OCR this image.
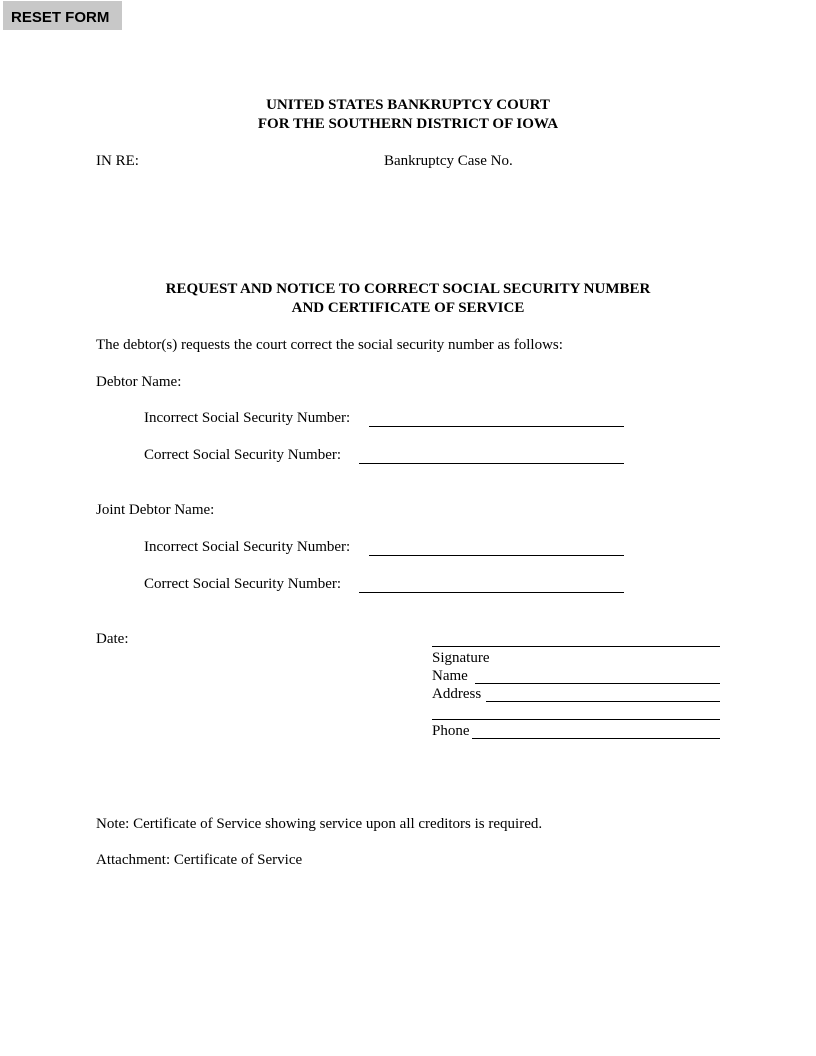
RESET FORM
UNITED STATES BANKRUPTCY COURT
FOR THE SOUTHERN DISTRICT OF IOWA
IN RE:	Bankruptcy Case No.
REQUEST AND NOTICE TO CORRECT SOCIAL SECURITY NUMBER
AND CERTIFICATE OF SERVICE
The debtor(s) requests the court correct the social security number as follows:
Debtor Name:
Incorrect Social Security Number:
Correct Social Security Number:
Joint Debtor Name:
Incorrect Social Security Number:
Correct Social Security Number:
Date:
Signature
Name
Address
Phone
Note: Certificate of Service showing service upon all creditors is required.
Attachment: Certificate of Service
